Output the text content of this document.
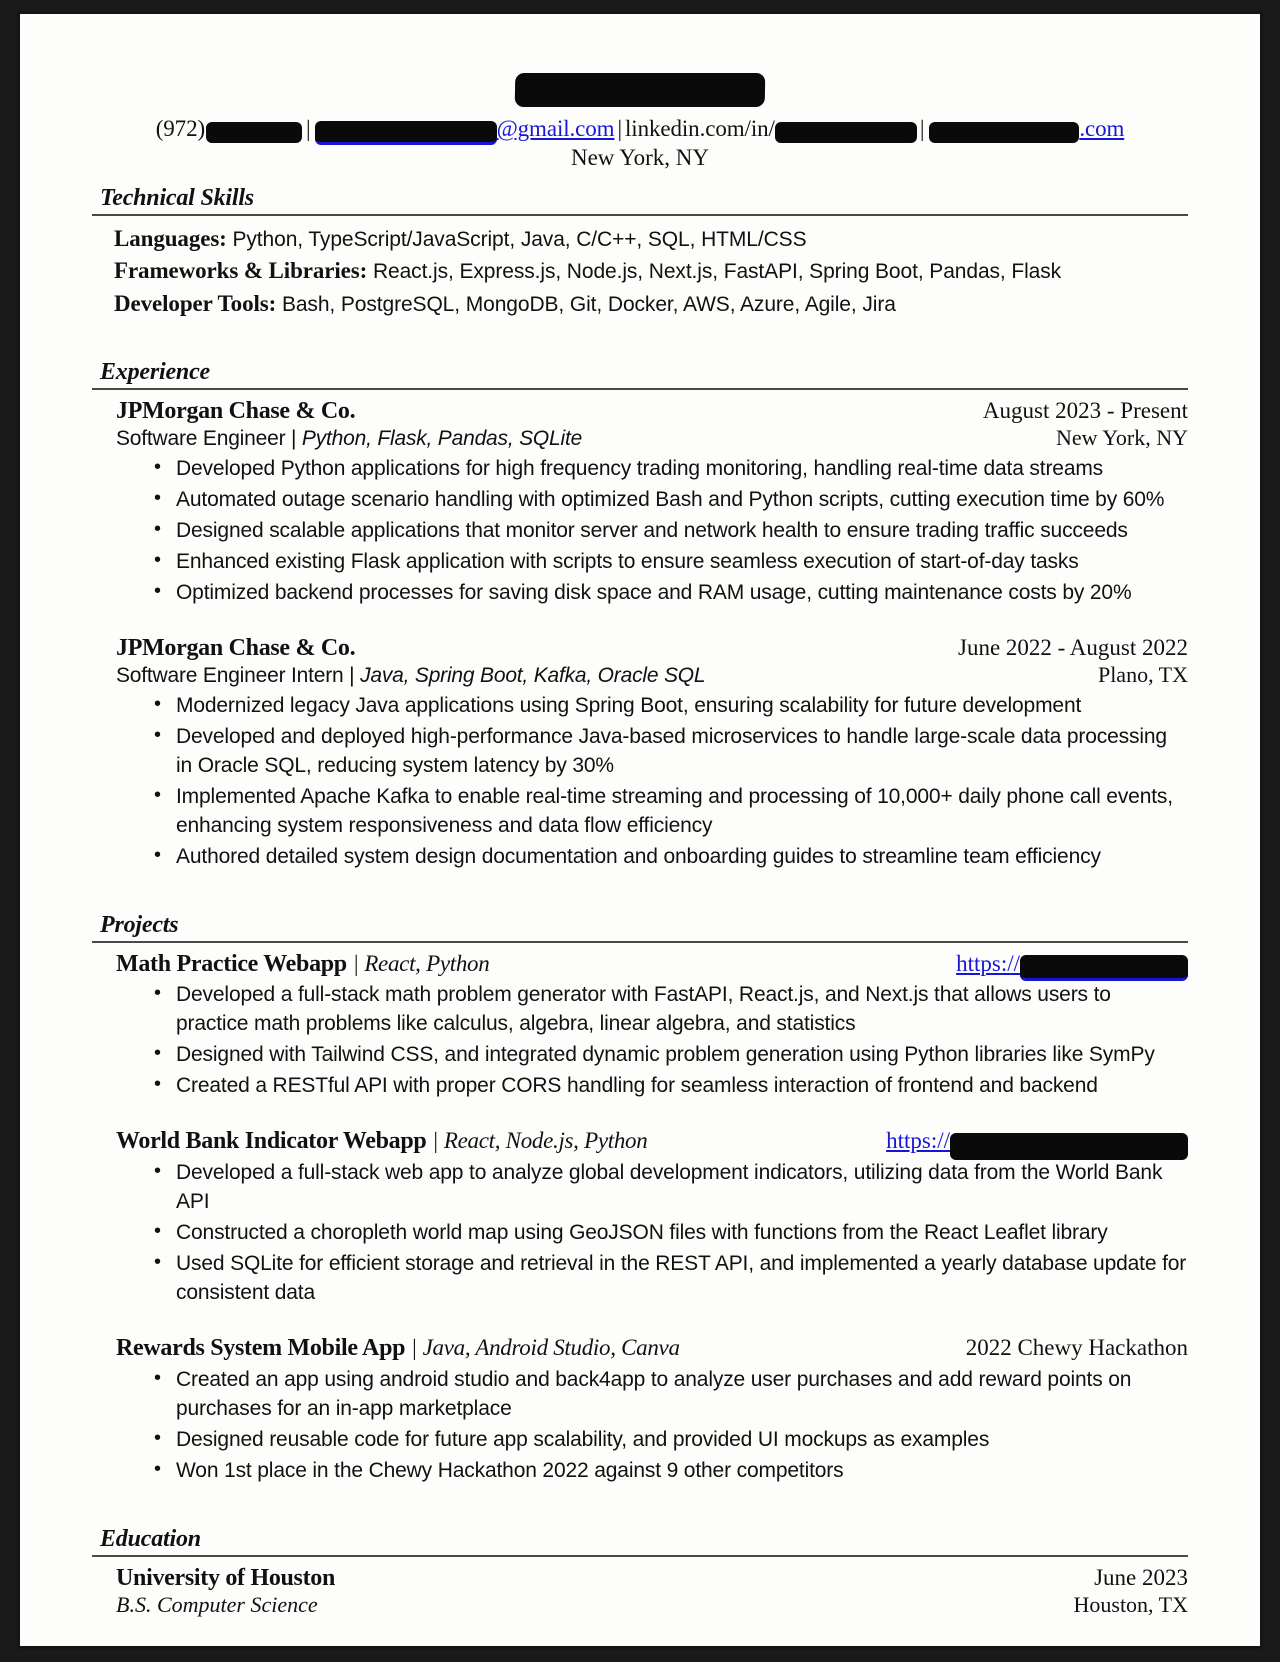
(972)	|	@gmail.com | linkedin.com/in/	|	.com
New York, NY
Technical Skills
Languages: Python, TypeScript/JavaScript, Java, C/C++, SQL, HTML/CSS
Frameworks & Libraries: React.js, Express.js, Node.js, Next.js, FastAPI, Spring Boot, Pandas, Flask
Developer Tools: Bash, PostgreSQL, MongoDB, Git, Docker, AWS, Azure, Agile, Jira
Experience
JPMorgan Chase & Co.	August 2023 - Present
Software Engineer | Python, Flask, Pandas, SQLite	New York, NY
• Developed Python applications for high frequency trading monitoring, handling real-time data streams
• Automated outage scenario handling with optimized Bash and Python scripts, cutting execution time by 60%
• Designed scalable applications that monitor server and network health to ensure trading traffic succeeds
• Enhanced existing Flask application with scripts to ensure seamless execution of start-of-day tasks
• Optimized backend processes for saving disk space and RAM usage, cutting maintenance costs by 20%
JPMorgan Chase & Co.	June 2022 - August 2022
Software Engineer Intern | Java, Spring Boot, Kafka, Oracle SQL	Plano, TX
• Modernized legacy Java applications using Spring Boot, ensuring scalability for future development
• Developed and deployed high-performance Java-based microservices to handle large-scale data processing in Oracle SQL, reducing system latency by 30%
• Implemented Apache Kafka to enable real-time streaming and processing of 10,000+ daily phone call events, enhancing system responsiveness and data flow efficiency
• Authored detailed system design documentation and onboarding guides to streamline team efficiency
Projects
Math Practice Webapp | React, Python	https://
• Developed a full-stack math problem generator with FastAPI, React.js, and Next.js that allows users to practice math problems like calculus, algebra, linear algebra, and statistics
• Designed with Tailwind CSS, and integrated dynamic problem generation using Python libraries like SymPy
• Created a RESTful API with proper CORS handling for seamless interaction of frontend and backend
World Bank Indicator Webapp | React, Node.js, Python	https://
• Developed a full-stack web app to analyze global development indicators, utilizing data from the World Bank API
• Constructed a choropleth world map using GeoJSON files with functions from the React Leaflet library
• Used SQLite for efficient storage and retrieval in the REST API, and implemented a yearly database update for consistent data
Rewards System Mobile App | Java, Android Studio, Canva	2022 Chewy Hackathon
• Created an app using android studio and back4app to analyze user purchases and add reward points on purchases for an in-app marketplace
• Designed reusable code for future app scalability, and provided UI mockups as examples
• Won 1st place in the Chewy Hackathon 2022 against 9 other competitors
Education
University of Houston	June 2023
B.S. Computer Science	Houston, TX
